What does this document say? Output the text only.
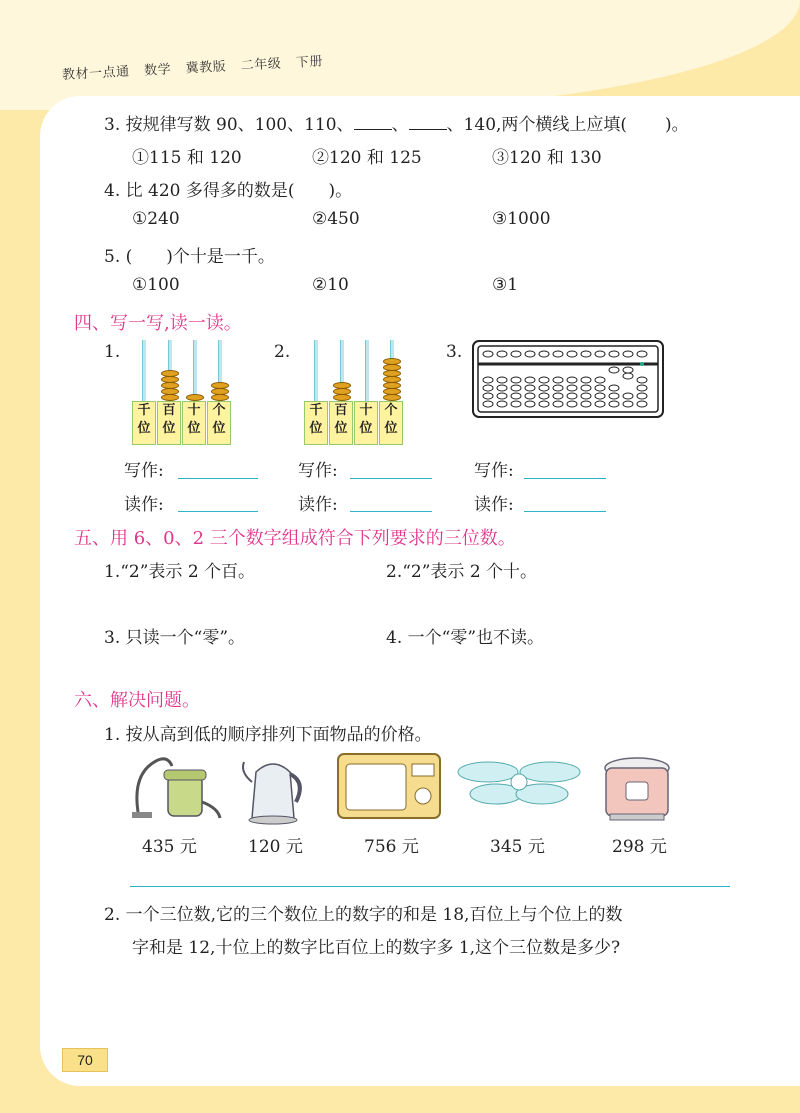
教材一点通 数学 冀教版 二年级 下册
3. 按规律写数 90、100、110、 、 、140,两个横线上应填( )。
①115 和 120	②120 和 125	③120 和 130
4. 比 420 多得多的数是(　　)。
①240	②450	③1000
5. (　　)个十是一千。
①100	②10	③1
四、写一写,读一读。
1.	2.	3.
千
位
百
位
十
位
个
位
千
位
百
位
十
位
个
位
写作:	写作:	写作:
读作:	读作:	读作:
五、用 6、0、2 三个数字组成符合下列要求的三位数。
1.“2”表示 2 个百。	2.“2”表示 2 个十。
3. 只读一个“零”。	4. 一个“零”也不读。
六、解决问题。
1. 按从高到低的顺序排列下面物品的价格。
435 元	120 元	756 元	345 元	298 元
2. 一个三位数,它的三个数位上的数字的和是 18,百位上与个位上的数
字和是 12,十位上的数字比百位上的数字多 1,这个三位数是多少?
70
